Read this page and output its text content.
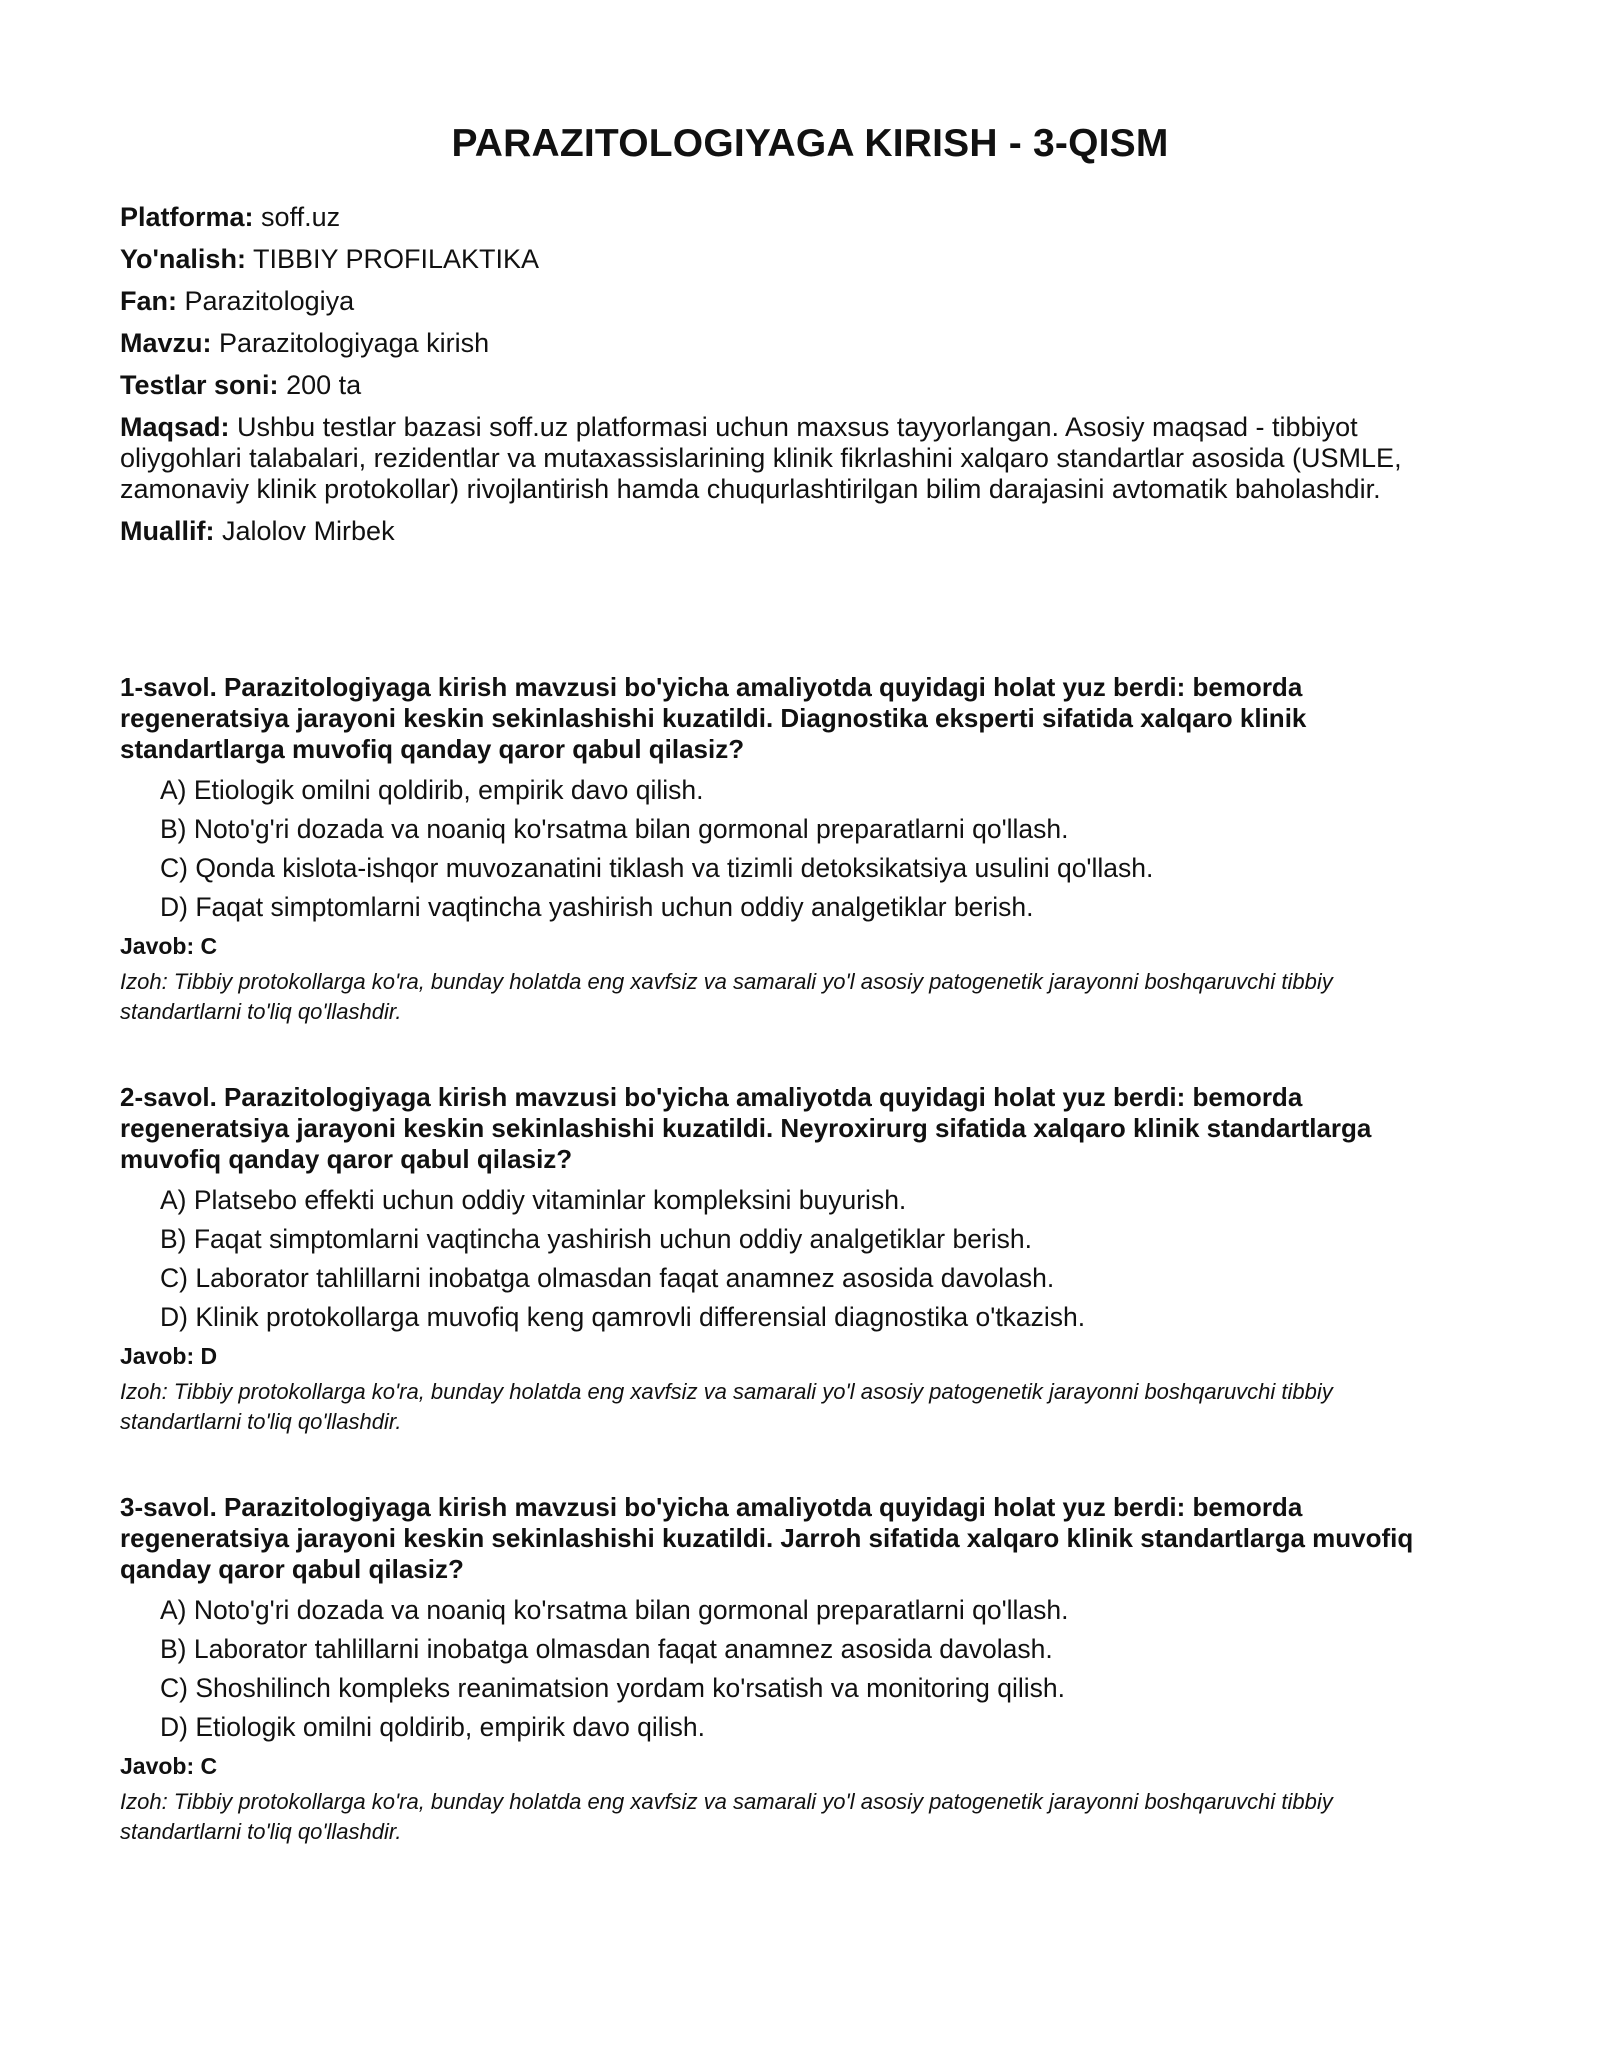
PARAZITOLOGIYAGA KIRISH - 3-QISM
Platforma: soff.uz
Yo'nalish: TIBBIY PROFILAKTIKA
Fan: Parazitologiya
Mavzu: Parazitologiyaga kirish
Testlar soni: 200 ta
Maqsad: Ushbu testlar bazasi soff.uz platformasi uchun maxsus tayyorlangan. Asosiy maqsad - tibbiyot oliygohlari talabalari, rezidentlar va mutaxassislarining klinik fikrlashini xalqaro standartlar asosida (USMLE, zamonaviy klinik protokollar) rivojlantirish hamda chuqurlashtirilgan bilim darajasini avtomatik baholashdir.
Muallif: Jalolov Mirbek

1-savol. Parazitologiyaga kirish mavzusi bo'yicha amaliyotda quyidagi holat yuz berdi: bemorda regeneratsiya jarayoni keskin sekinlashishi kuzatildi. Diagnostika eksperti sifatida xalqaro klinik standartlarga muvofiq qanday qaror qabul qilasiz?

A) Etiologik omilni qoldirib, empirik davo qilish.
B) Noto'g'ri dozada va noaniq ko'rsatma bilan gormonal preparatlarni qo'llash.
C) Qonda kislota-ishqor muvozanatini tiklash va tizimli detoksikatsiya usulini qo'llash.
D) Faqat simptomlarni vaqtincha yashirish uchun oddiy analgetiklar berish.
Javob: C
Izoh: Tibbiy protokollarga ko'ra, bunday holatda eng xavfsiz va samarali yo'l asosiy patogenetik jarayonni boshqaruvchi tibbiy standartlarni to'liq qo'llashdir.

2-savol. Parazitologiyaga kirish mavzusi bo'yicha amaliyotda quyidagi holat yuz berdi: bemorda regeneratsiya jarayoni keskin sekinlashishi kuzatildi. Neyroxirurg sifatida xalqaro klinik standartlarga muvofiq qanday qaror qabul qilasiz?

A) Platsebo effekti uchun oddiy vitaminlar kompleksini buyurish.
B) Faqat simptomlarni vaqtincha yashirish uchun oddiy analgetiklar berish.
C) Laborator tahlillarni inobatga olmasdan faqat anamnez asosida davolash.
D) Klinik protokollarga muvofiq keng qamrovli differensial diagnostika o'tkazish.
Javob: D
Izoh: Tibbiy protokollarga ko'ra, bunday holatda eng xavfsiz va samarali yo'l asosiy patogenetik jarayonni boshqaruvchi tibbiy standartlarni to'liq qo'llashdir.

3-savol. Parazitologiyaga kirish mavzusi bo'yicha amaliyotda quyidagi holat yuz berdi: bemorda regeneratsiya jarayoni keskin sekinlashishi kuzatildi. Jarroh sifatida xalqaro klinik standartlarga muvofiq qanday qaror qabul qilasiz?

A) Noto'g'ri dozada va noaniq ko'rsatma bilan gormonal preparatlarni qo'llash.
B) Laborator tahlillarni inobatga olmasdan faqat anamnez asosida davolash.
C) Shoshilinch kompleks reanimatsion yordam ko'rsatish va monitoring qilish.
D) Etiologik omilni qoldirib, empirik davo qilish.
Javob: C
Izoh: Tibbiy protokollarga ko'ra, bunday holatda eng xavfsiz va samarali yo'l asosiy patogenetik jarayonni boshqaruvchi tibbiy standartlarni to'liq qo'llashdir.
